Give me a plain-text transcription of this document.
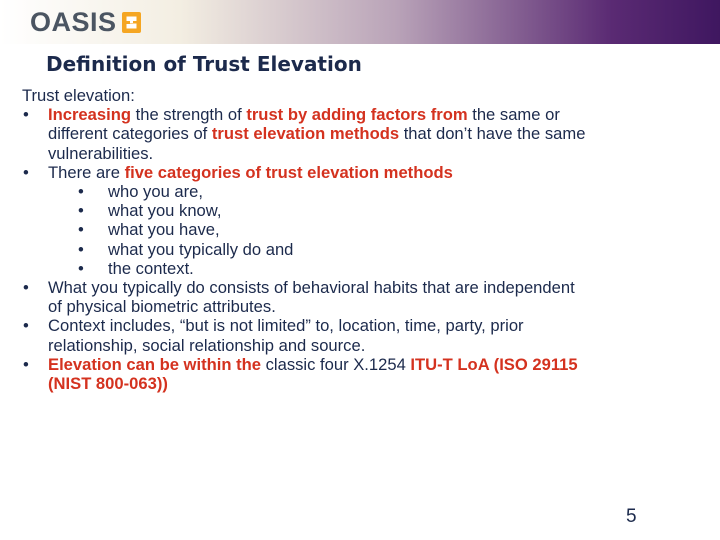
OASIS
Definition of Trust Elevation
Trust elevation:
• Increasing the strength of trust by adding factors from the same or
different categories of trust elevation methods that don’t have the same
vulnerabilities.
• There are five categories of trust elevation methods
• who you are,
• what you know,
• what you have,
• what you typically do and
• the context.
• What you typically do consists of behavioral habits that are independent
of physical biometric attributes.
• Context includes, “but is not limited” to, location, time, party, prior
relationship, social relationship and source.
• Elevation can be within the classic four X.1254 ITU-T LoA (ISO 29115
(NIST 800-063))
5
